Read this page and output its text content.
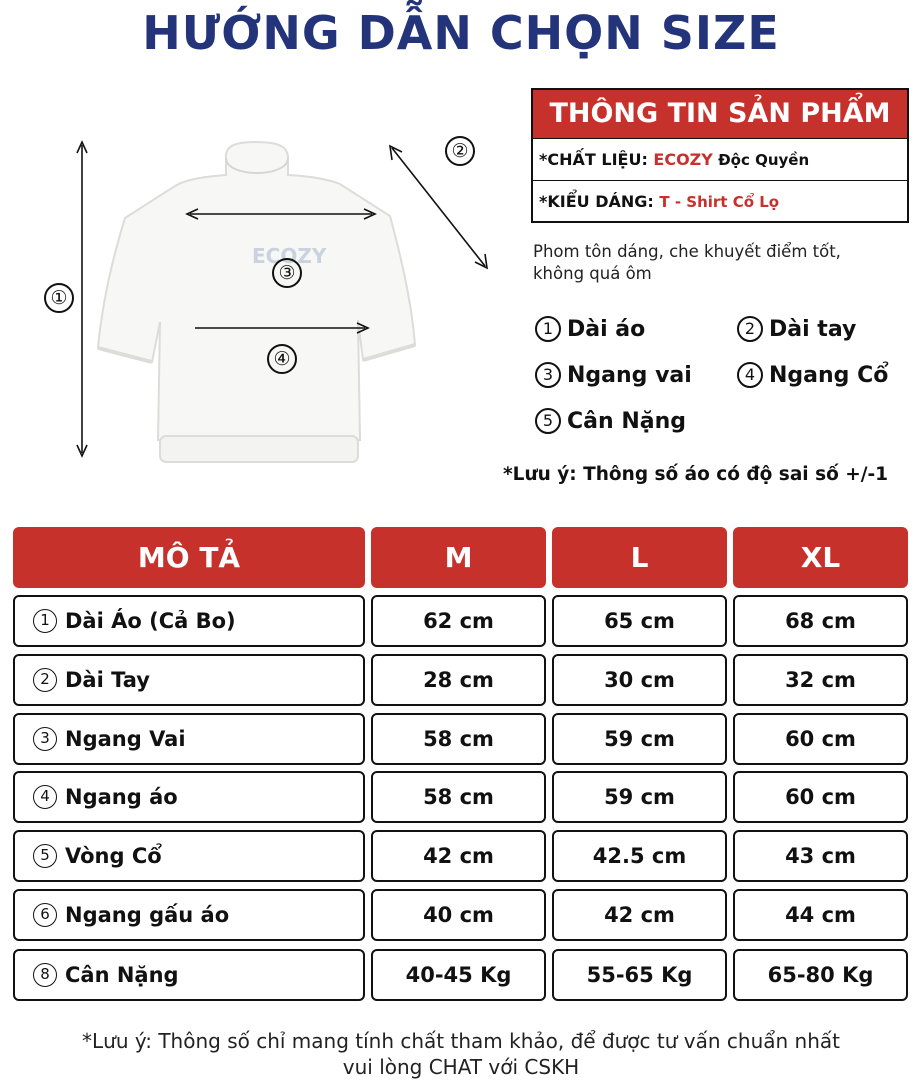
HƯỚNG DẪN CHỌN SIZE
ECOZY
①
②
③
④
THÔNG TIN SẢN PHẨM
*CHẤT LIỆU: ECOZY Độc Quyền
*KIỂU DÁNG: T - Shirt Cổ Lọ
Phom tôn dáng, che khuyết điểm tốt, không quá ôm
1 Dài áo	2 Dài tay
3 Ngang vai	4 Ngang Cổ
5 Cân Nặng
*Lưu ý: Thông số áo có độ sai số +/-1
MÔ TẢ	M	L	XL
1 Dài Áo (Cả Bo)	62 cm	65 cm	68 cm
2 Dài Tay	28 cm	30 cm	32 cm
3 Ngang Vai	58 cm	59 cm	60 cm
4 Ngang áo	58 cm	59 cm	60 cm
5 Vòng Cổ	42 cm	42.5 cm	43 cm
6 Ngang gấu áo	40 cm	42 cm	44 cm
8 Cân Nặng	40-45 Kg	55-65 Kg	65-80 Kg
*Lưu ý: Thông số chỉ mang tính chất tham khảo, để được tư vấn chuẩn nhất
vui lòng CHAT với CSKH
